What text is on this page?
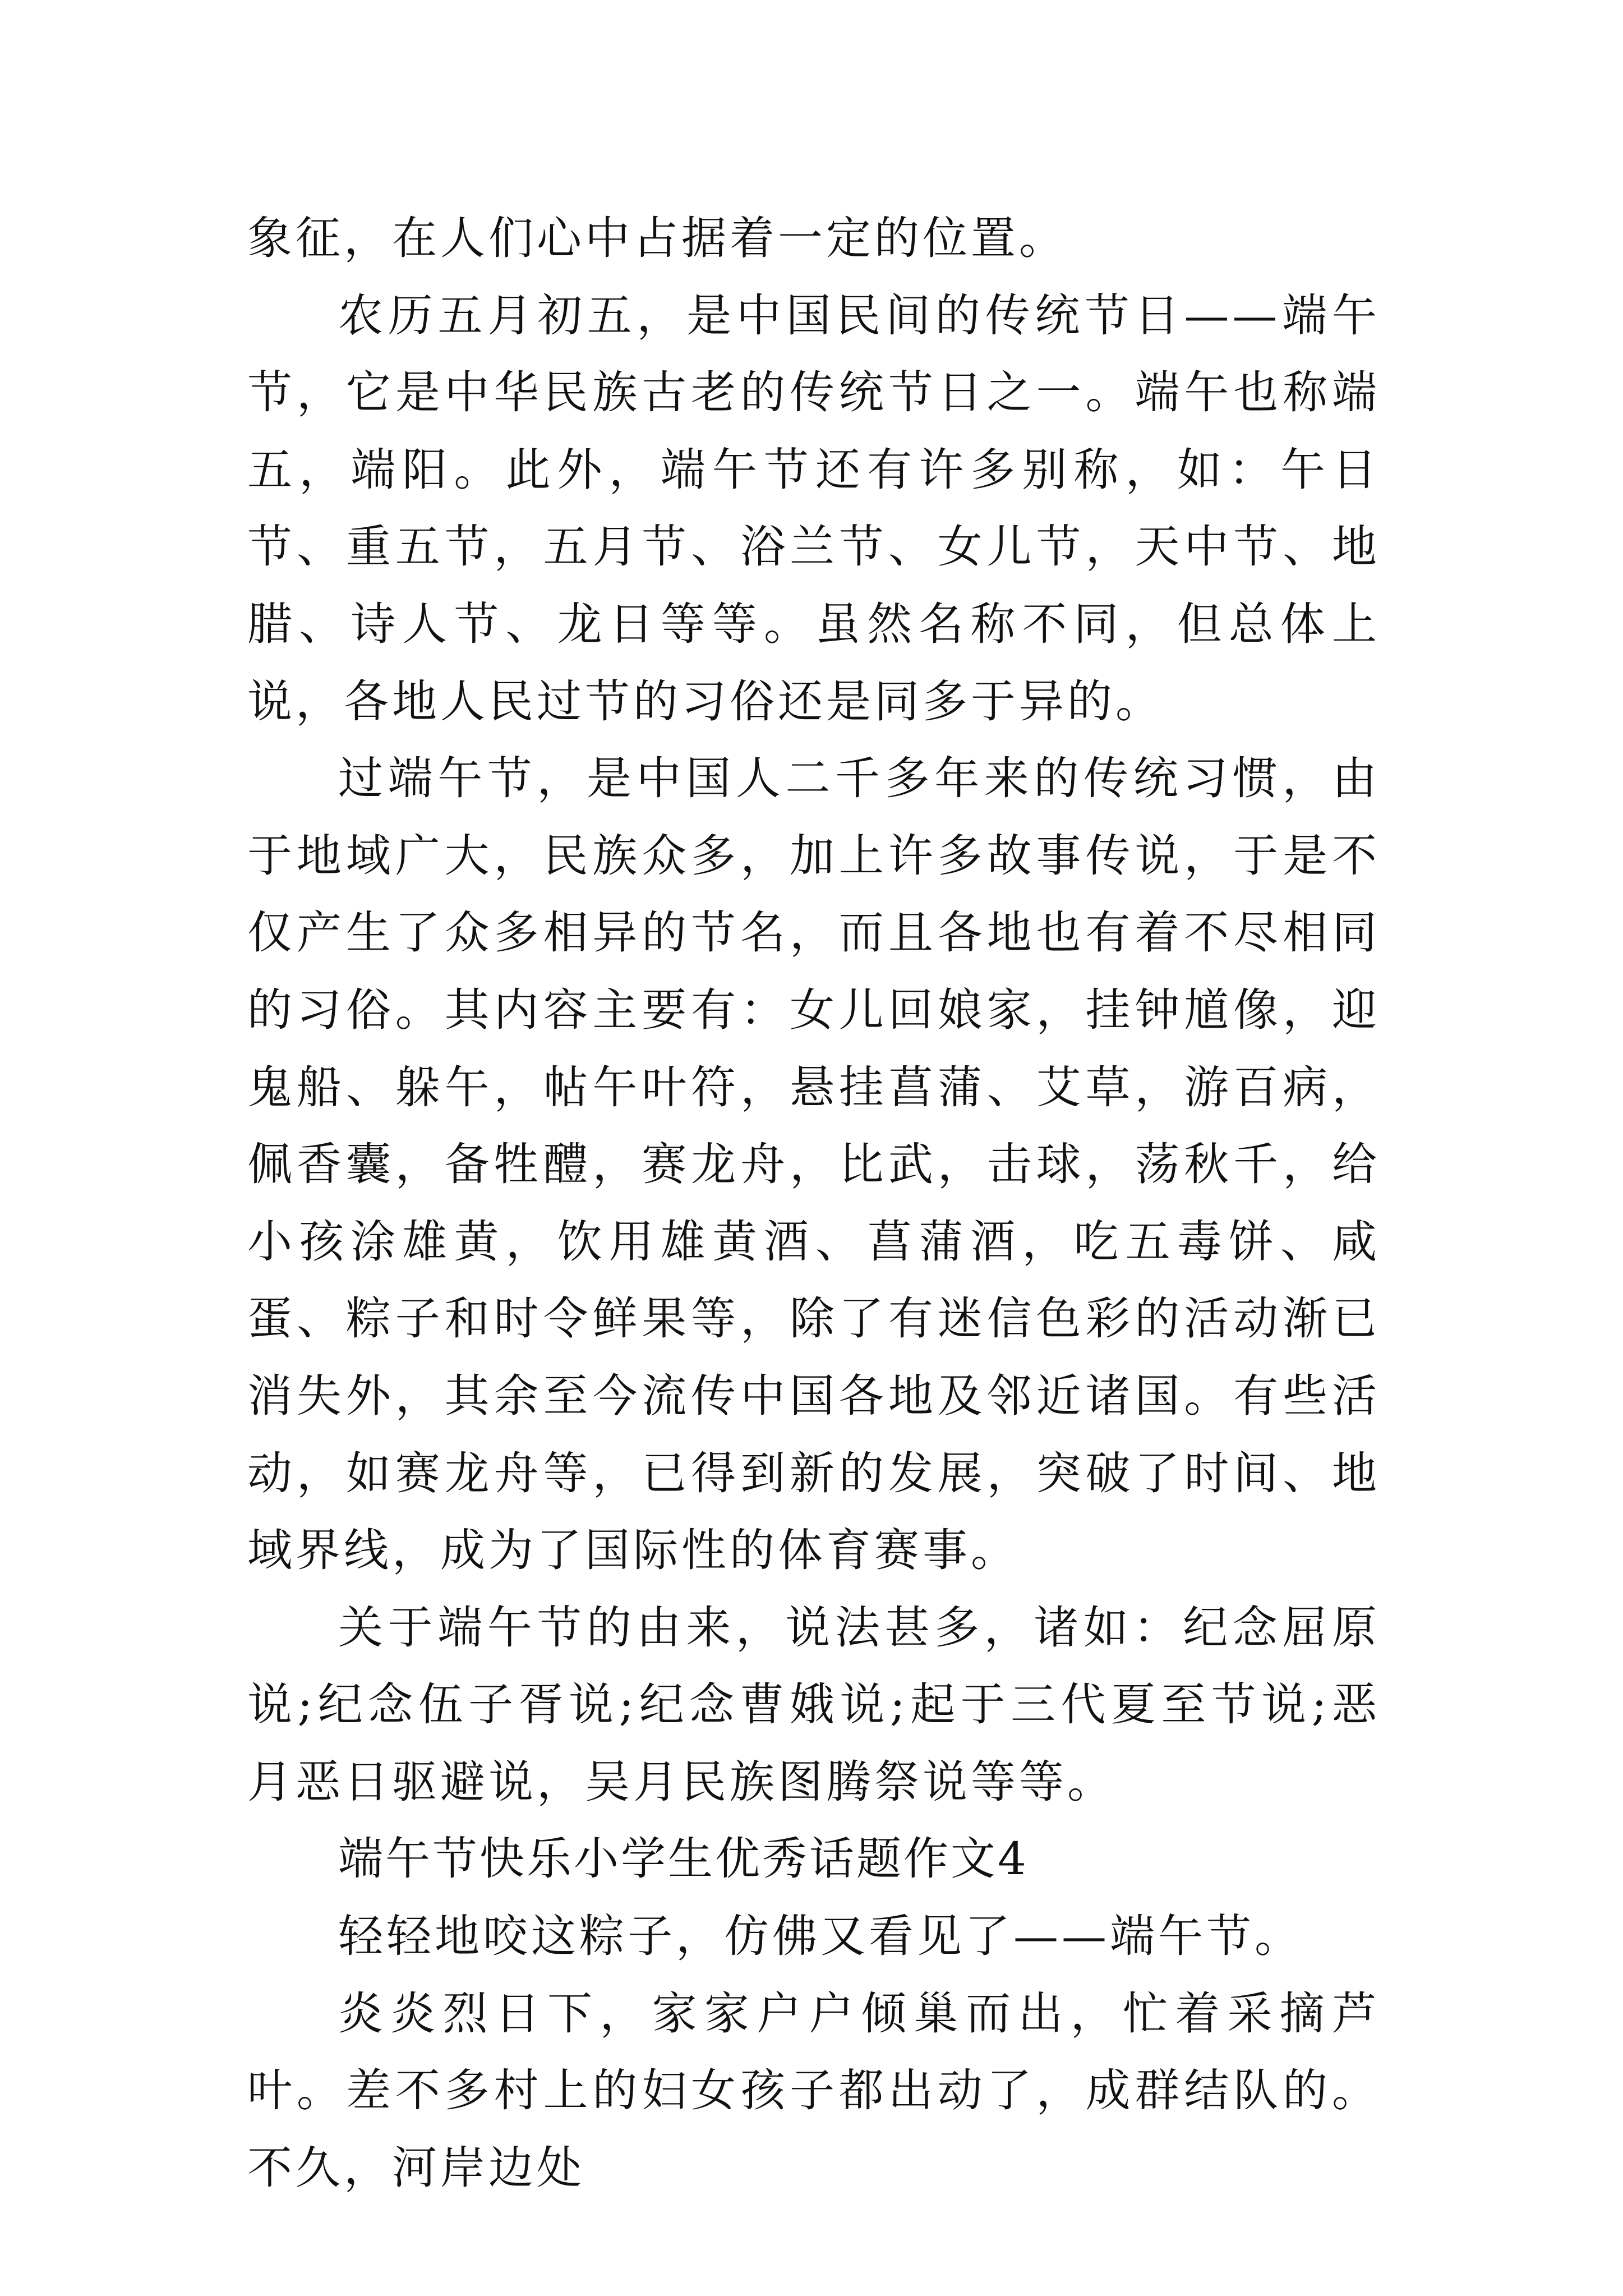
象征，在人们心中占据着一定的位置。

农历五月初五，是中国民间的传统节日——端午节，它是中华民族古老的传统节日之一。端午也称端五，端阳。此外，端午节还有许多别称，如：午日节、重五节，五月节、浴兰节、女儿节，天中节、地腊、诗人节、龙日等等。虽然名称不同，但总体上说，各地人民过节的习俗还是同多于异的。

过端午节，是中国人二千多年来的传统习惯，由于地域广大，民族众多，加上许多故事传说，于是不仅产生了众多相异的节名，而且各地也有着不尽相同的习俗。其内容主要有：女儿回娘家，挂钟馗像，迎鬼船、躲午，帖午叶符，悬挂菖蒲、艾草，游百病，佩香囊，备牲醴，赛龙舟，比武，击球，荡秋千，给小孩涂雄黄，饮用雄黄酒、菖蒲酒，吃五毒饼、咸蛋、粽子和时令鲜果等，除了有迷信色彩的活动渐已消失外，其余至今流传中国各地及邻近诸国。有些活动，如赛龙舟等，已得到新的发展，突破了时间、地域界线，成为了国际性的体育赛事。

关于端午节的由来，说法甚多，诸如：纪念屈原说;纪念伍子胥说;纪念曹娥说;起于三代夏至节说;恶月恶日驱避说，吴月民族图腾祭说等等。

端午节快乐小学生优秀话题作文4

轻轻地咬这粽子，仿佛又看见了——端午节。

炎炎烈日下，家家户户倾巢而出，忙着采摘芦叶。差不多村上的妇女孩子都出动了，成群结队的。不久，河岸边处
